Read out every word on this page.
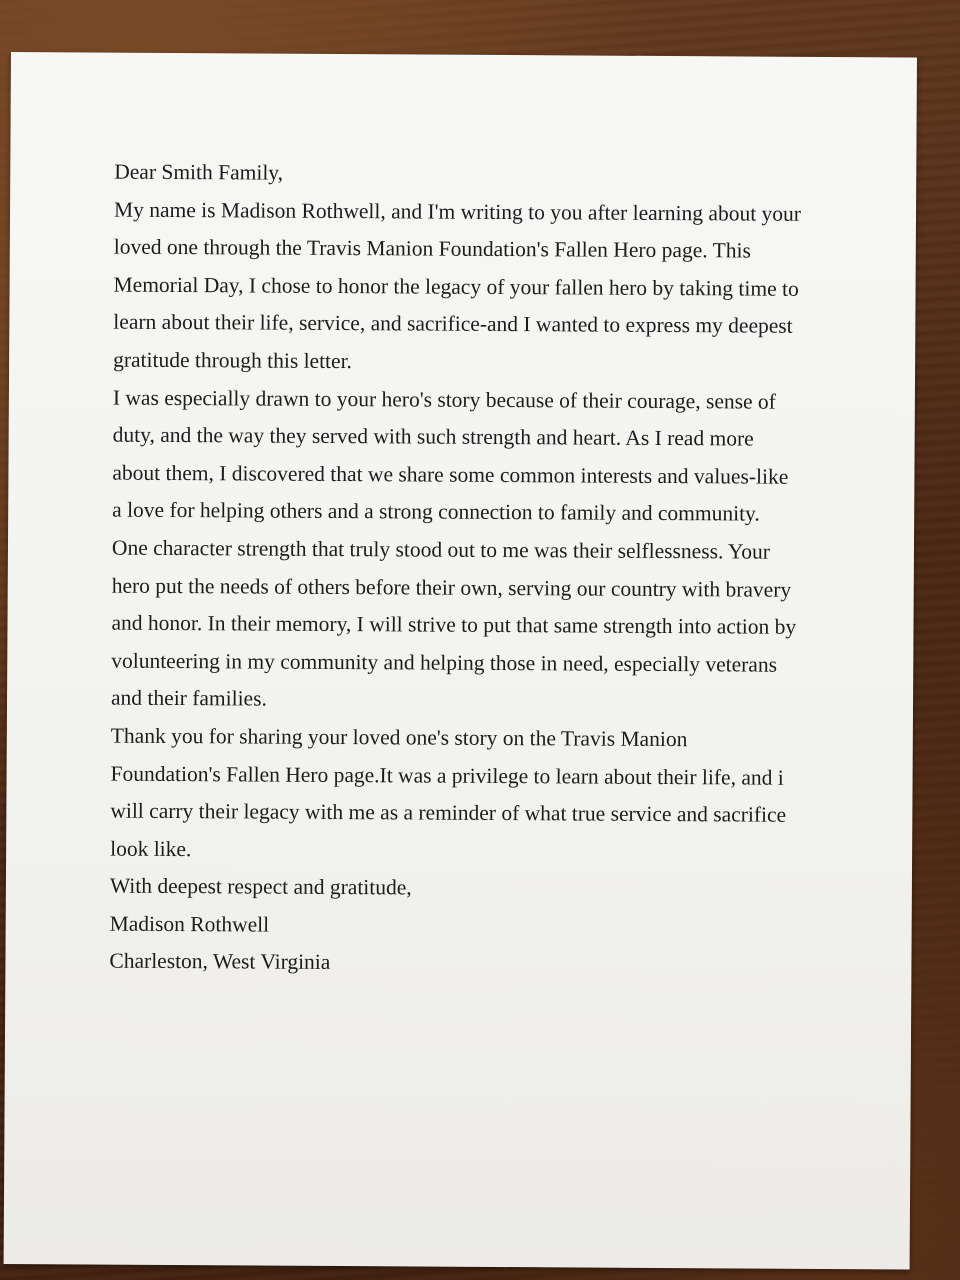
Dear Smith Family,

My name is Madison Rothwell, and I'm writing to you after learning about your loved one through the Travis Manion Foundation's Fallen Hero page. This Memorial Day, I chose to honor the legacy of your fallen hero by taking time to learn about their life, service, and sacrifice-and I wanted to express my deepest gratitude through this letter.

I was especially drawn to your hero's story because of their courage, sense of duty, and the way they served with such strength and heart. As I read more about them, I discovered that we share some common interests and values-like a love for helping others and a strong connection to family and community.

One character strength that truly stood out to me was their selflessness. Your hero put the needs of others before their own, serving our country with bravery and honor. In their memory, I will strive to put that same strength into action by volunteering in my community and helping those in need, especially veterans and their families.

Thank you for sharing your loved one's story on the Travis Manion Foundation's Fallen Hero page.It was a privilege to learn about their life, and i will carry their legacy with me as a reminder of what true service and sacrifice look like.

With deepest respect and gratitude,

Madison Rothwell

Charleston, West Virginia
